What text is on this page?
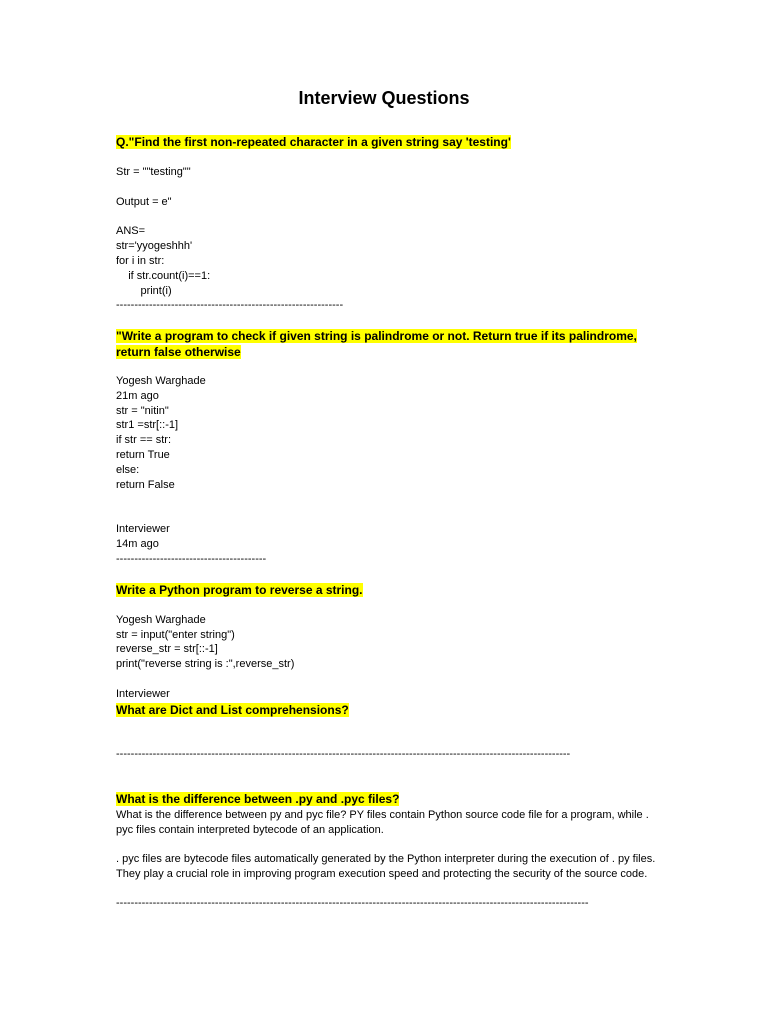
Interview Questions

Q."Find the first non-repeated character in a given string say 'testing'

Str = ""testing""

Output = e"

ANS=

str='yyogeshhh'

for i in str:

if str.count(i)==1:

print(i)

--------------------------------------------------------------

"Write a program to check if given string is palindrome or not. Return true if its palindrome, return false otherwise

Yogesh Warghade

21m ago

str = "nitin"

str1 =str[::-1]

if str == str:

return True

else:

return False

Interviewer

14m ago

-----------------------------------------

Write a Python program to reverse a string.

Yogesh Warghade

str = input("enter string")

reverse_str = str[::-1]

print("reverse string is :",reverse_str)

Interviewer

What are Dict and List comprehensions?

----------------------------------------------------------------------------------------------------------------------------

What is the difference between .py and .pyc files?

What is the difference between py and pyc file? PY files contain Python source code file for a program, while . pyc files contain interpreted bytecode of an application.

. pyc files are bytecode files automatically generated by the Python interpreter during the execution of . py files. They play a crucial role in improving program execution speed and protecting the security of the source code.

---------------------------------------------------------------------------------------------------------------------------------
